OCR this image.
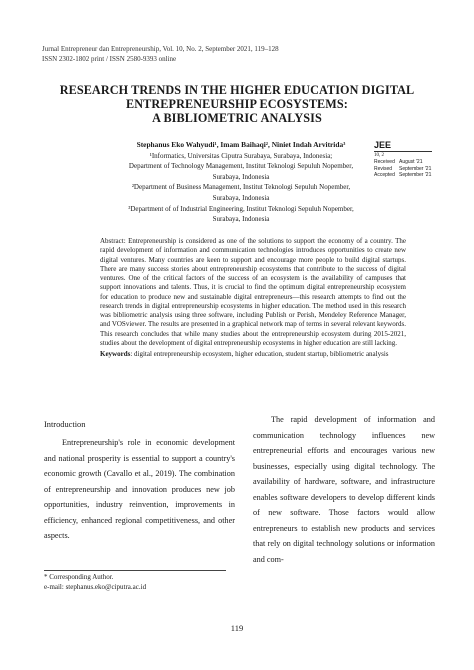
Jurnal Entrepreneur dan Entrepreneurship, Vol. 10, No. 2, September 2021, 119–128
ISSN 2302-1802 print / ISSN 2580-9393 online
RESEARCH TRENDS IN THE HIGHER EDUCATION DIGITAL
ENTREPRENEURSHIP ECOSYSTEMS:
A BIBLIOMETRIC ANALYSIS
Stephanus Eko Wahyudi¹, Imam Baihaqi², Niniet Indah Arvitrida³
¹Informatics, Universitas Ciputra Surabaya, Surabaya, Indonesia;
Department of Technology Management, Institut Teknologi Sepuluh Nopember,
Surabaya, Indonesia
²Department of Business Management, Institut Teknologi Sepuluh Nopember,
Surabaya, Indonesia
³Department of of Industrial Engineering, Institut Teknologi Sepuluh Nopember,
Surabaya, Indonesia
JEE
10, 2
Received August '21
Revised	September '21
Accepted September '21
Abstract: Entrepreneurship is considered as one of the solutions to support the economy of a country. The rapid development of information and communication technologies introduces opportunities to create new digital ventures. Many countries are keen to support and encourage more people to build digital startups. There are many success stories about entrepreneurship ecosystems that contribute to the success of digital ventures. One of the critical factors of the success of an ecosystem is the availability of campuses that support innovations and talents. Thus, it is crucial to find the optimum digital entrepreneurship ecosystem for education to produce new and sustainable digital entrepreneurs—this research attempts to find out the research trends in digital entrepreneurship ecosystems in higher education. The method used in this research was bibliometric analysis using three software, including Publish or Perish, Mendeley Reference Manager, and VOSviewer. The results are presented in a graphical network map of terms in several relevant keywords. This research concludes that while many studies about the entrepreneurship ecosystem during 2015-2021, studies about the development of digital entrepreneurship ecosystems in higher education are still lacking.
Keywords: digital entrepreneurship ecosystem, higher education, student startup, bibliometric analysis
Introduction

Entrepreneurship's role in economic development and national prosperity is essential to support a country's economic growth (Cavallo et al., 2019). The combination of entrepreneurship and innovation produces new job opportunities, industry reinvention, improvements in efficiency, enhanced regional competitiveness, and other aspects.

The rapid development of information and communication technology influences new entrepreneurial efforts and encourages various new businesses, especially using digital technology. The availability of hardware, software, and infrastructure enables software developers to develop different kinds of new software. Those factors would allow entrepreneurs to establish new products and services that rely on digital technology solutions or information and com-

* Corresponding Author.
e-mail: stephanus.eko@ciputra.ac.id
119
